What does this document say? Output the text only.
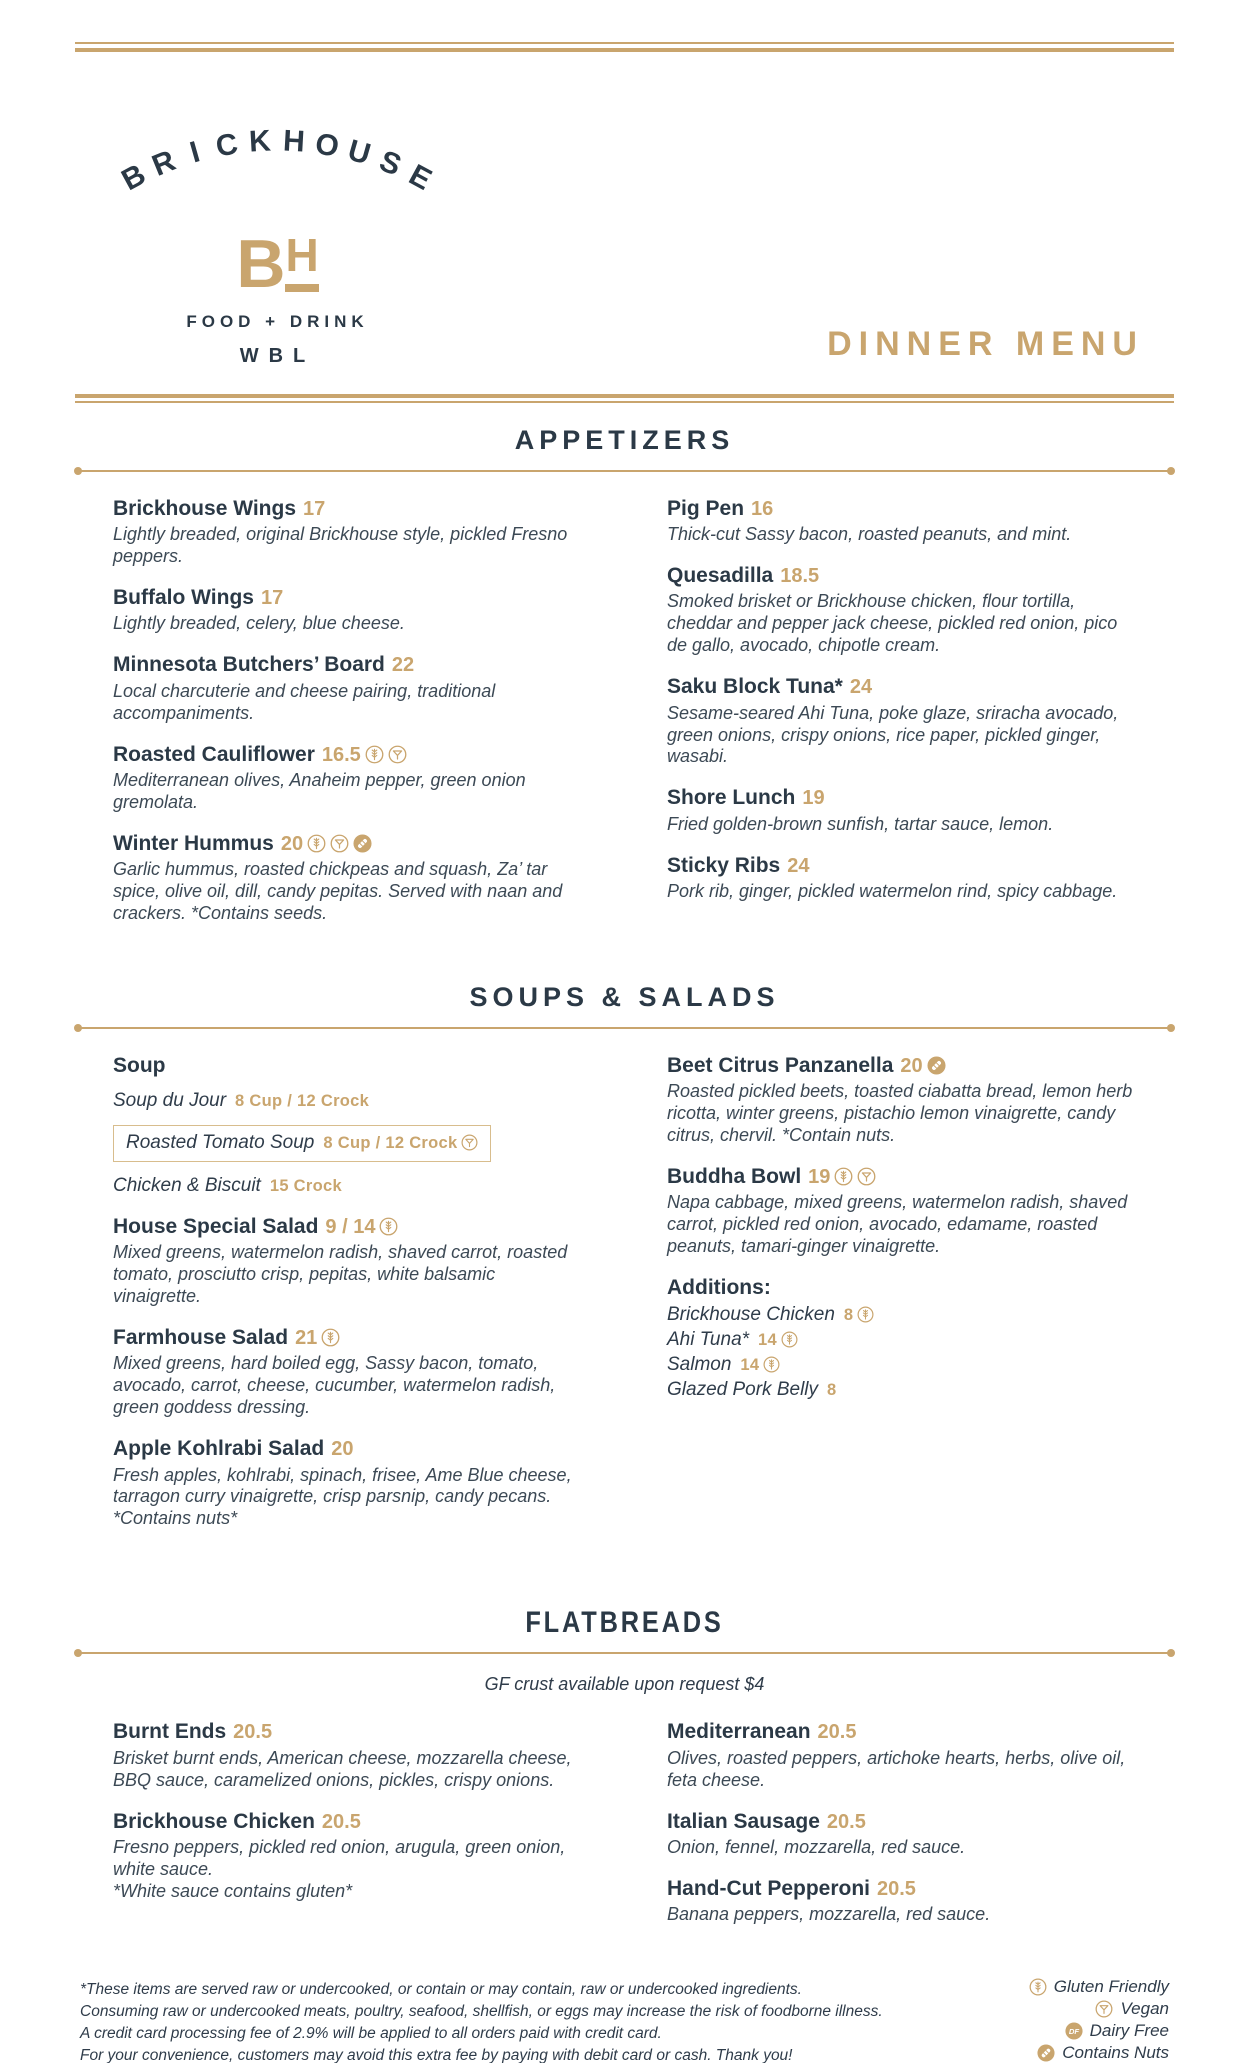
B
R I C K H O U S
E
B H
FOOD + DRINK
WBL	DINNER MENU
APPETIZERS
Brickhouse Wings 17
Lightly breaded, original Brickhouse style, pickled Fresno peppers.
Buffalo Wings 17
Lightly breaded, celery, blue cheese.
Minnesota Butchers’ Board 22
Local charcuterie and cheese pairing, traditional accompaniments.
Roasted Cauliflower 16.5
Mediterranean olives, Anaheim pepper, green onion gremolata.
Winter Hummus 20
Garlic hummus, roasted chickpeas and squash, Za’ tar spice, olive oil, dill, candy pepitas. Served with naan and crackers. *Contains seeds.
Pig Pen 16
Thick-cut Sassy bacon, roasted peanuts, and mint.
Quesadilla 18.5
Smoked brisket or Brickhouse chicken, flour tortilla, cheddar and pepper jack cheese, pickled red onion, pico de gallo, avocado, chipotle cream.
Saku Block Tuna* 24
Sesame-seared Ahi Tuna, poke glaze, sriracha avocado, green onions, crispy onions, rice paper, pickled ginger, wasabi.
Shore Lunch 19
Fried golden-brown sunfish, tartar sauce, lemon.
Sticky Ribs 24
Pork rib, ginger, pickled watermelon rind, spicy cabbage.
SOUPS & SALADS
Soup
Soup du Jour 8 Cup / 12 Crock
Roasted Tomato Soup 8 Cup / 12 Crock
Chicken & Biscuit 15 Crock
House Special Salad 9 / 14
Mixed greens, watermelon radish, shaved carrot, roasted tomato, prosciutto crisp, pepitas, white balsamic vinaigrette.
Farmhouse Salad 21
Mixed greens, hard boiled egg, Sassy bacon, tomato, avocado, carrot, cheese, cucumber, watermelon radish, green goddess dressing.
Apple Kohlrabi Salad 20
Fresh apples, kohlrabi, spinach, frisee, Ame Blue cheese, tarragon curry vinaigrette, crisp parsnip, candy pecans. *Contains nuts*
Beet Citrus Panzanella 20
Roasted pickled beets, toasted ciabatta bread, lemon herb ricotta, winter greens, pistachio lemon vinaigrette, candy citrus, chervil. *Contain nuts.
Buddha Bowl 19
Napa cabbage, mixed greens, watermelon radish, shaved carrot, pickled red onion, avocado, edamame, roasted peanuts, tamari-ginger vinaigrette.
Additions:
Brickhouse Chicken 8
Ahi Tuna* 14
Salmon 14
Glazed Pork Belly 8
FLATBREADS
GF crust available upon request $4
Burnt Ends 20.5
Brisket burnt ends, American cheese, mozzarella cheese, BBQ sauce, caramelized onions, pickles, crispy onions.
Brickhouse Chicken 20.5
Fresno peppers, pickled red onion, arugula, green onion, white sauce.
*White sauce contains gluten*
Mediterranean 20.5
Olives, roasted peppers, artichoke hearts, herbs, olive oil, feta cheese.
Italian Sausage 20.5
Onion, fennel, mozzarella, red sauce.
Hand-Cut Pepperoni 20.5
Banana peppers, mozzarella, red sauce.
*These items are served raw or undercooked, or contain or may contain, raw or undercooked ingredients.
Consuming raw or undercooked meats, poultry, seafood, shellfish, or eggs may increase the risk of foodborne illness.
A credit card processing fee of 2.9% will be applied to all orders paid with credit card.
For your convenience, customers may avoid this extra fee by paying with debit card or cash. Thank you!
Gluten Friendly
Vegan
DF Dairy Free
Contains Nuts
